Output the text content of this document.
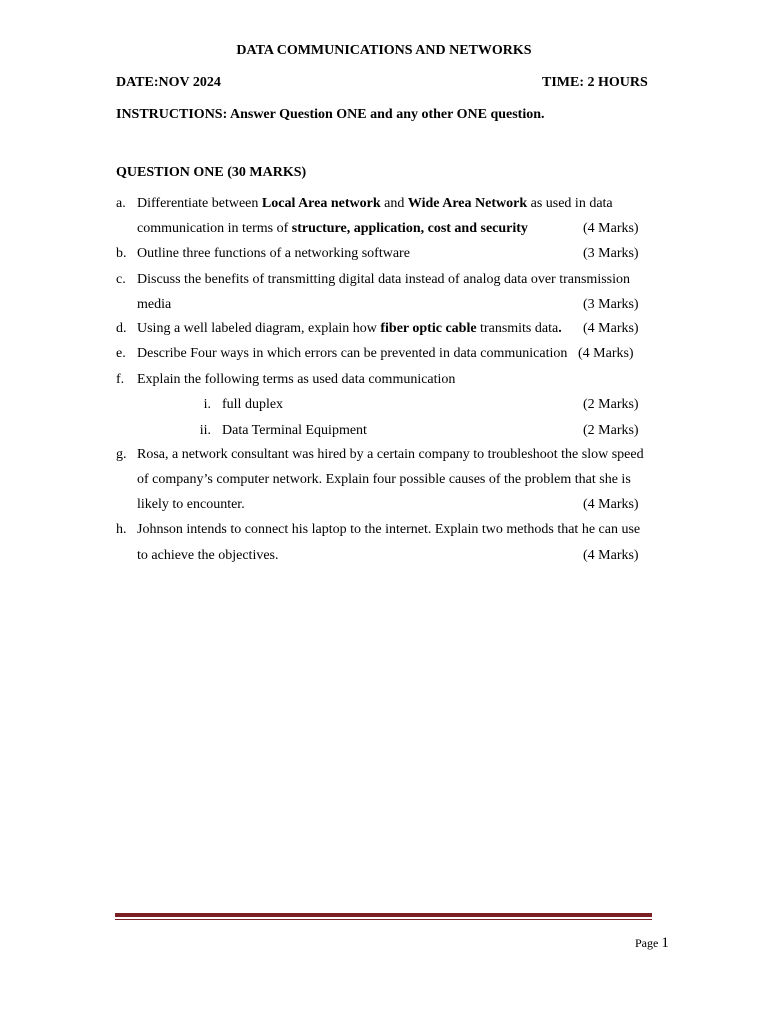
DATA COMMUNICATIONS AND NETWORKS
DATE:NOV 2024	TIME: 2 HOURS
INSTRUCTIONS: Answer Question ONE and any other ONE question.
QUESTION ONE (30 MARKS)
a. Differentiate between Local Area network and Wide Area Network as used in data
communication in terms of structure, application, cost and security	(4 Marks)
b. Outline three functions of a networking software	(3 Marks)
c. Discuss the benefits of transmitting digital data instead of analog data over transmission
media	(3 Marks)
d. Using a well labeled diagram, explain how fiber optic cable transmits data. (4 Marks)
e. Describe Four ways in which errors can be prevented in data communication (4 Marks)
f. Explain the following terms as used data communication
i. full duplex	(2 Marks)
ii. Data Terminal Equipment	(2 Marks)
g. Rosa, a network consultant was hired by a certain company to troubleshoot the slow speed
of company’s computer network. Explain four possible causes of the problem that she is
likely to encounter.	(4 Marks)
h. Johnson intends to connect his laptop to the internet. Explain two methods that he can use
to achieve the objectives.	(4 Marks)
Page 1
